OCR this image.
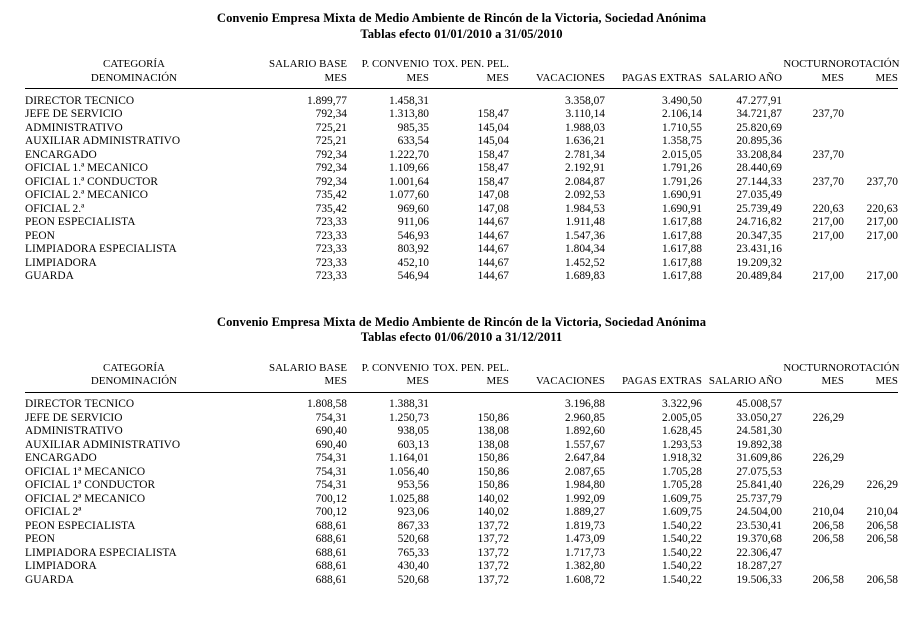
Convenio Empresa Mixta de Medio Ambiente de Rincón de la Victoria, Sociedad Anónima
Tablas efecto 01/01/2010 a 31/05/2010
CATEGORÍA	SALARIO BASE	P. CONVENIO	TOX. PEN. PEL.				NOCTURNO	ROTACIÓN
DENOMINACIÓN	MES	MES	MES	VACACIONES	PAGAS EXTRAS	SALARIO AÑO	MES	MES
DIRECTOR TECNICO	1.899,77	1.458,31		3.358,07	3.490,50	47.277,91		
JEFE DE SERVICIO	792,34	1.313,80	158,47	3.110,14	2.106,14	34.721,87	237,70	
ADMINISTRATIVO	725,21	985,35	145,04	1.988,03	1.710,55	25.820,69		
AUXILIAR ADMINISTRATIVO	725,21	633,54	145,04	1.636,21	1.358,75	20.895,36		
ENCARGADO	792,34	1.222,70	158,47	2.781,34	2.015,05	33.208,84	237,70	
OFICIAL 1.ª MECANICO	792,34	1.109,66	158,47	2.192,91	1.791,26	28.440,69		
OFICIAL 1.ª CONDUCTOR	792,34	1.001,64	158,47	2.084,87	1.791,26	27.144,33	237,70	237,70
OFICIAL 2.ª MECANICO	735,42	1.077,60	147,08	2.092,53	1.690,91	27.035,49		
OFICIAL 2.ª	735,42	969,60	147,08	1.984,53	1.690,91	25.739,49	220,63	220,63
PEON ESPECIALISTA	723,33	911,06	144,67	1.911,48	1.617,88	24.716,82	217,00	217,00
PEON	723,33	546,93	144,67	1.547,36	1.617,88	20.347,35	217,00	217,00
LIMPIADORA ESPECIALISTA	723,33	803,92	144,67	1.804,34	1.617,88	23.431,16		
LIMPIADORA	723,33	452,10	144,67	1.452,52	1.617,88	19.209,32		
GUARDA	723,33	546,94	144,67	1.689,83	1.617,88	20.489,84	217,00	217,00
Convenio Empresa Mixta de Medio Ambiente de Rincón de la Victoria, Sociedad Anónima
Tablas efecto 01/06/2010 a 31/12/2011
CATEGORÍA	SALARIO BASE	P. CONVENIO	TOX. PEN. PEL.				NOCTURNO	ROTACIÓN
DENOMINACIÓN	MES	MES	MES	VACACIONES	PAGAS EXTRAS	SALARIO AÑO	MES	MES
DIRECTOR TECNICO	1.808,58	1.388,31		3.196,88	3.322,96	45.008,57		
JEFE DE SERVICIO	754,31	1.250,73	150,86	2.960,85	2.005,05	33.050,27	226,29	
ADMINISTRATIVO	690,40	938,05	138,08	1.892,60	1.628,45	24.581,30		
AUXILIAR ADMINISTRATIVO	690,40	603,13	138,08	1.557,67	1.293,53	19.892,38		
ENCARGADO	754,31	1.164,01	150,86	2.647,84	1.918,32	31.609,86	226,29	
OFICIAL 1ª MECANICO	754,31	1.056,40	150,86	2.087,65	1.705,28	27.075,53		
OFICIAL 1ª CONDUCTOR	754,31	953,56	150,86	1.984,80	1.705,28	25.841,40	226,29	226,29
OFICIAL 2ª MECANICO	700,12	1.025,88	140,02	1.992,09	1.609,75	25.737,79		
OFICIAL 2ª	700,12	923,06	140,02	1.889,27	1.609,75	24.504,00	210,04	210,04
PEON ESPECIALISTA	688,61	867,33	137,72	1.819,73	1.540,22	23.530,41	206,58	206,58
PEON	688,61	520,68	137,72	1.473,09	1.540,22	19.370,68	206,58	206,58
LIMPIADORA ESPECIALISTA	688,61	765,33	137,72	1.717,73	1.540,22	22.306,47		
LIMPIADORA	688,61	430,40	137,72	1.382,80	1.540,22	18.287,27		
GUARDA	688,61	520,68	137,72	1.608,72	1.540,22	19.506,33	206,58	206,58
